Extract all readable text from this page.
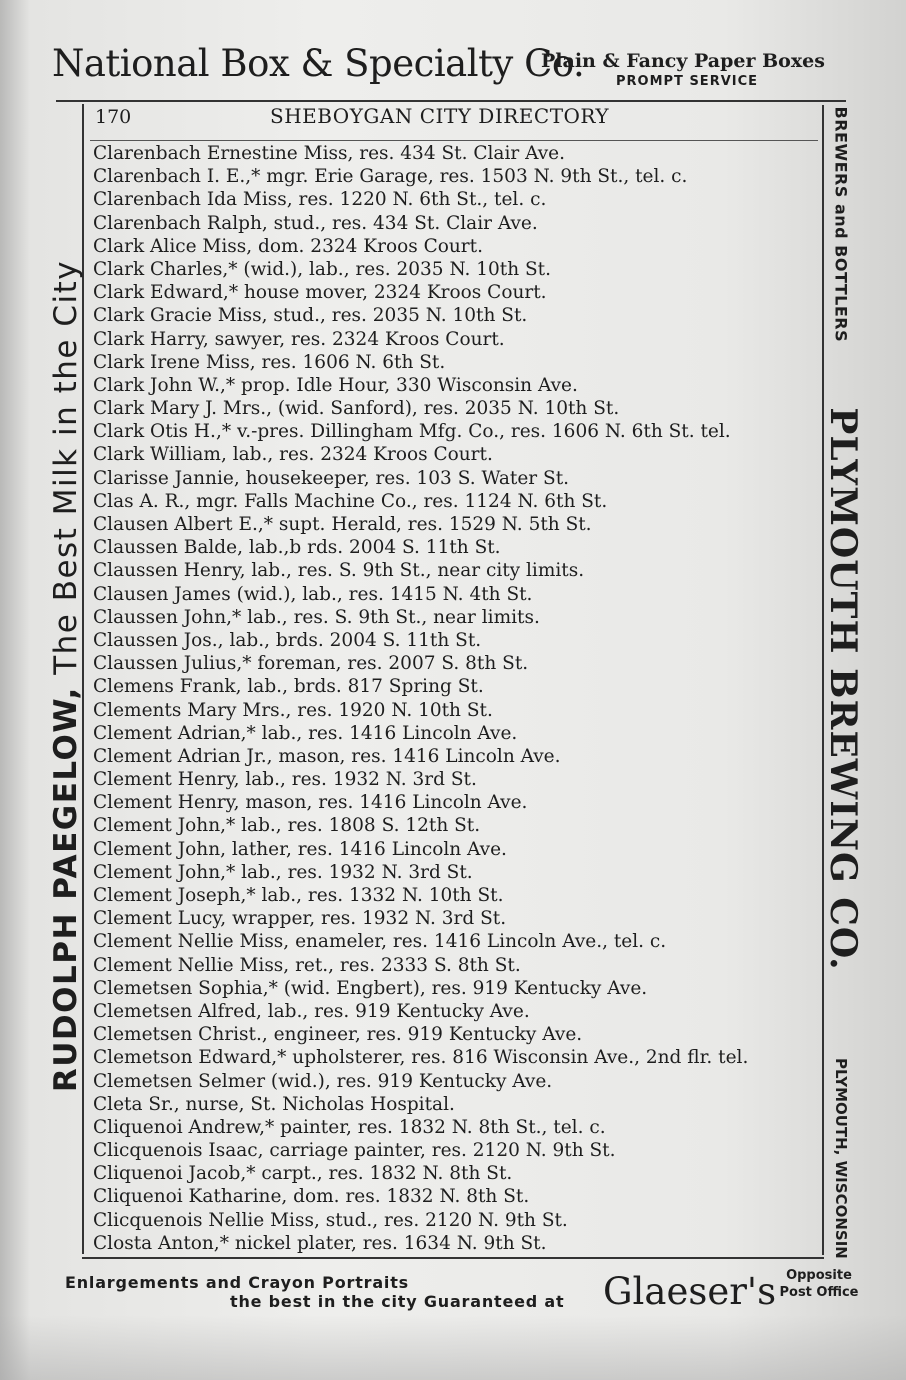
National Box & Specialty Co.
Plain & Fancy Paper Boxes
PROMPT SERVICE
RUDOLPH PAEGELOW, The Best Milk in the City
BREWERS and BOTTLERS
PLYMOUTH BREWING CO.
PLYMOUTH, WISCONSIN
170	SHEBOYGAN CITY DIRECTORY
Clarenbach Ernestine Miss, res. 434 St. Clair Ave.
Clarenbach I. E.,* mgr. Erie Garage, res. 1503 N. 9th St., tel. c.
Clarenbach Ida Miss, res. 1220 N. 6th St., tel. c.
Clarenbach Ralph, stud., res. 434 St. Clair Ave.
Clark Alice Miss, dom. 2324 Kroos Court.
Clark Charles,* (wid.), lab., res. 2035 N. 10th St.
Clark Edward,* house mover, 2324 Kroos Court.
Clark Gracie Miss, stud., res. 2035 N. 10th St.
Clark Harry, sawyer, res. 2324 Kroos Court.
Clark Irene Miss, res. 1606 N. 6th St.
Clark John W.,* prop. Idle Hour, 330 Wisconsin Ave.
Clark Mary J. Mrs., (wid. Sanford), res. 2035 N. 10th St.
Clark Otis H.,* v.-pres. Dillingham Mfg. Co., res. 1606 N. 6th St. tel.
Clark William, lab., res. 2324 Kroos Court.
Clarisse Jannie, housekeeper, res. 103 S. Water St.
Clas A. R., mgr. Falls Machine Co., res. 1124 N. 6th St.
Clausen Albert E.,* supt. Herald, res. 1529 N. 5th St.
Claussen Balde, lab.,b rds. 2004 S. 11th St.
Claussen Henry, lab., res. S. 9th St., near city limits.
Clausen James (wid.), lab., res. 1415 N. 4th St.
Claussen John,* lab., res. S. 9th St., near limits.
Claussen Jos., lab., brds. 2004 S. 11th St.
Claussen Julius,* foreman, res. 2007 S. 8th St.
Clemens Frank, lab., brds. 817 Spring St.
Clements Mary Mrs., res. 1920 N. 10th St.
Clement Adrian,* lab., res. 1416 Lincoln Ave.
Clement Adrian Jr., mason, res. 1416 Lincoln Ave.
Clement Henry, lab., res. 1932 N. 3rd St.
Clement Henry, mason, res. 1416 Lincoln Ave.
Clement John,* lab., res. 1808 S. 12th St.
Clement John, lather, res. 1416 Lincoln Ave.
Clement John,* lab., res. 1932 N. 3rd St.
Clement Joseph,* lab., res. 1332 N. 10th St.
Clement Lucy, wrapper, res. 1932 N. 3rd St.
Clement Nellie Miss, enameler, res. 1416 Lincoln Ave., tel. c.
Clement Nellie Miss, ret., res. 2333 S. 8th St.
Clemetsen Sophia,* (wid. Engbert), res. 919 Kentucky Ave.
Clemetsen Alfred, lab., res. 919 Kentucky Ave.
Clemetsen Christ., engineer, res. 919 Kentucky Ave.
Clemetson Edward,* upholsterer, res. 816 Wisconsin Ave., 2nd flr. tel.
Clemetsen Selmer (wid.), res. 919 Kentucky Ave.
Cleta Sr., nurse, St. Nicholas Hospital.
Cliquenoi Andrew,* painter, res. 1832 N. 8th St., tel. c.
Clicquenois Isaac, carriage painter, res. 2120 N. 9th St.
Cliquenoi Jacob,* carpt., res. 1832 N. 8th St.
Cliquenoi Katharine, dom. res. 1832 N. 8th St.
Clicquenois Nellie Miss, stud., res. 2120 N. 9th St.
Closta Anton,* nickel plater, res. 1634 N. 9th St.
Enlargements and Crayon Portraits
the best in the city Guaranteed at Glaeser's Opposite
Post Office
